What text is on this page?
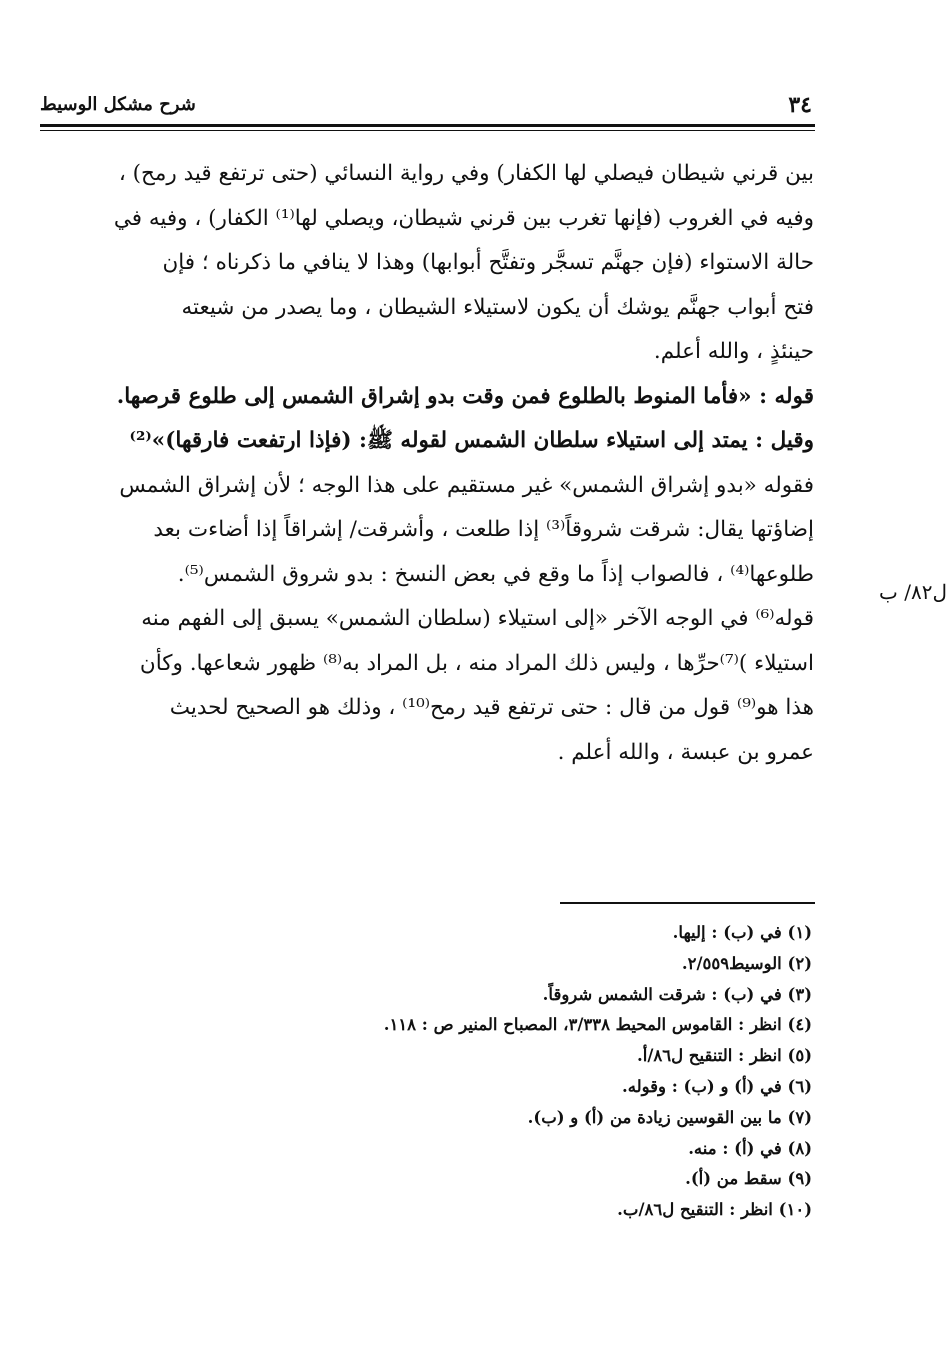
٣٤
شرح مشكل الوسيط
بين قرني شيطان فيصلي لها الكفار) وفي رواية النسائي (حتى ترتفع قيد رمح) ،
وفيه في الغروب (فإنها تغرب بين قرني شيطان، ويصلي لها⁽¹⁾ الكفار) ، وفيه في
حالة الاستواء (فإن جهنَّم تسجَّر وتفتَّح أبوابها) وهذا لا ينافي ما ذكرناه ؛ فإن
فتح أبواب جهنَّم يوشك أن يكون لاستيلاء الشيطان ، وما يصدر من شيعته
حينئذٍ ، والله أعلم.
قوله : «فأما المنوط بالطلوع فمن وقت بدو إشراق الشمس إلى طلوع قرصها.
وقيل : يمتد إلى استيلاء سلطان الشمس لقوله ﷺ: (فإذا ارتفعت فارقها)»⁽²⁾
فقوله «بدو إشراق الشمس» غير مستقيم على هذا الوجه ؛ لأن إشراق الشمس
إضاؤتها يقال: شرقت شروقاً⁽³⁾ إذا طلعت ، وأشرقت/ إشراقاً إذا أضاءت بعد
طلوعها⁽⁴⁾ ، فالصواب إذاً ما وقع في بعض النسخ : بدو شروق الشمس⁽⁵⁾.
قوله⁽⁶⁾ في الوجه الآخر «إلى استيلاء (سلطان الشمس» يسبق إلى الفهم منه
استيلاء )⁽⁷⁾حرِّها ، وليس ذلك المراد منه ، بل المراد به⁽⁸⁾ ظهور شعاعها. وكأن
هذا هو⁽⁹⁾ قول من قال : حتى ترتفع قيد رمح⁽¹⁰⁾ ، وذلك هو الصحيح لحديث
عمرو بن عبسة ، والله أعلم .
ل٨٢/ ب
(١) في (ب) : إليها.
(٢) الوسيط٢/٥٥٩.
(٣) في (ب) : شرقت الشمس شروقاً.
(٤) انظر : القاموس المحيط ٣/٣٣٨، المصباح المنير ص : ١١٨.
(٥) انظر : التنقيح ل٨٦/أ.
(٦) في (أ) و (ب) : وقوله.
(٧) ما بين القوسين زيادة من (أ) و (ب).
(٨) في (أ) : منه.
(٩) سقط من (أ).
(١٠) انظر : التنقيح ل٨٦/ب.
